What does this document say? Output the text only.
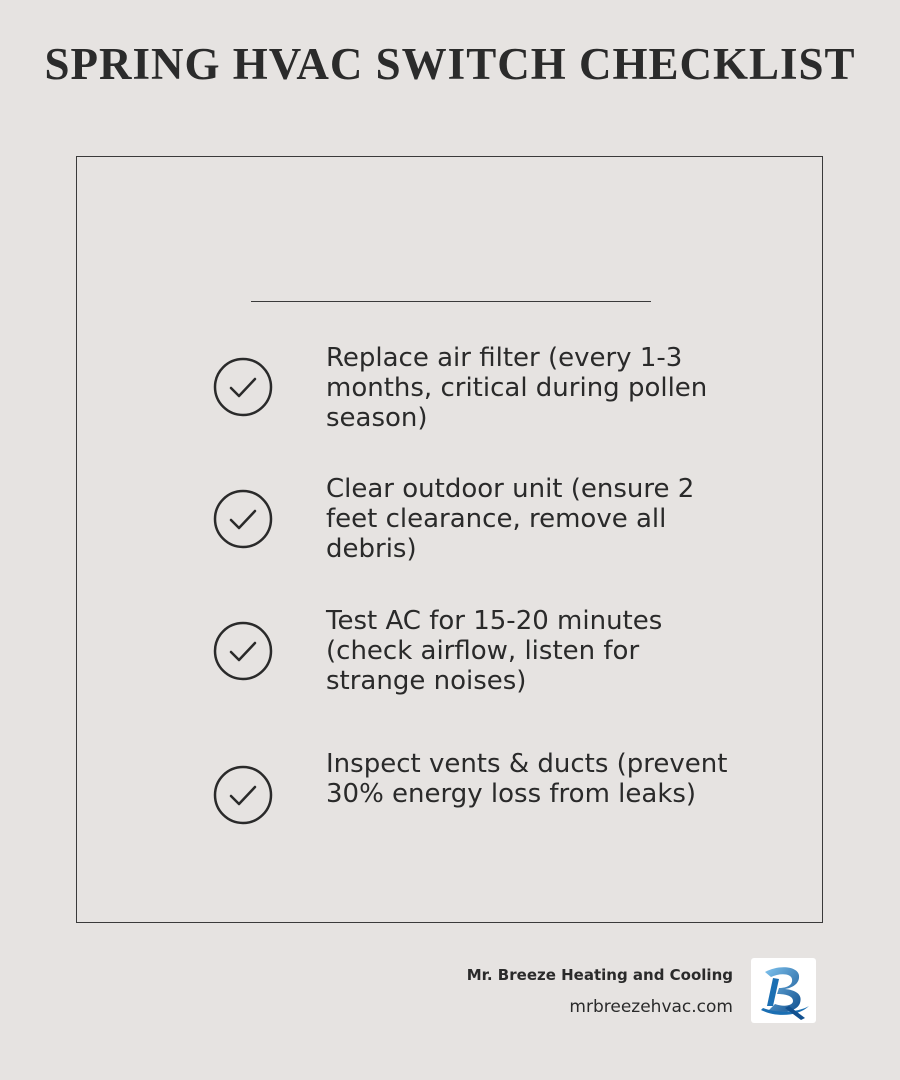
SPRING HVAC SWITCH CHECKLIST
Replace air filter (every 1-3 months, critical during pollen season)
Clear outdoor unit (ensure 2 feet clearance, remove all debris)
Test AC for 15-20 minutes (check airflow, listen for strange noises)
Inspect vents & ducts (prevent 30% energy loss from leaks)
Mr. Breeze Heating and Cooling
mrbreezehvac.com
